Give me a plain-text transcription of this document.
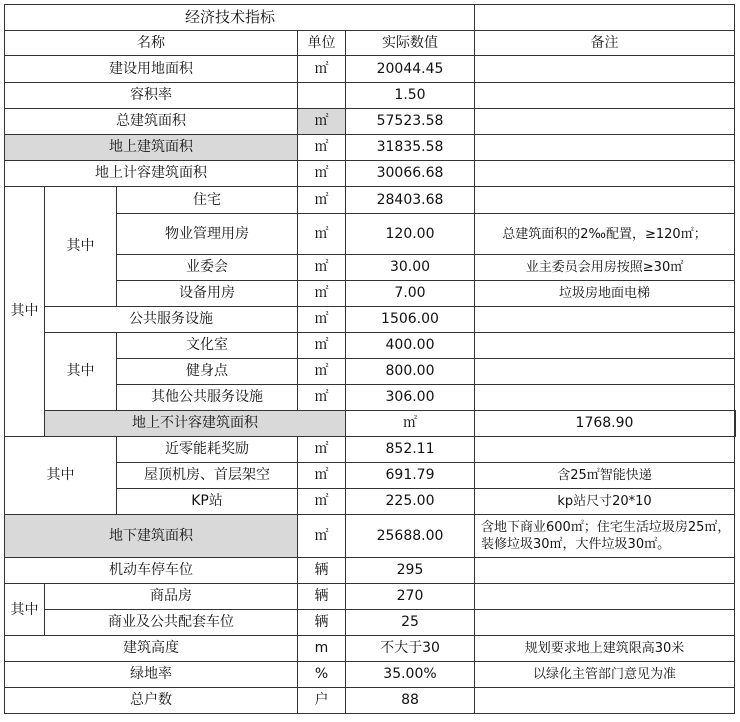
经济技术指标						
名称			单位	实际数值	备注	
建设用地面积			㎡	20044.45		
容积率				1.50		
总建筑面积			㎡	57523.58		
地上建筑面积			㎡	31835.58		
地上计容建筑面积			㎡	30066.68		
其中	其中	住宅	㎡	28403.68		
		物业管理用房	㎡	120.00	总建筑面积的2‰配置，≥120㎡；	
		业委会	㎡	30.00	业主委员会用房按照≥30㎡	
		设备用房	㎡	7.00	垃圾房地面电梯	
	公共服务设施		㎡	1506.00		
	其中	文化室	㎡	400.00		
		健身点	㎡	800.00		
		其他公共服务设施	㎡	306.00		
	地上不计容建筑面积			㎡	1768.90	
其中		近零能耗奖励	㎡	852.11		
		屋顶机房、首层架空	㎡	691.79	含25㎡智能快递	
		KP站	㎡	225.00	kp站尺寸20*10	
地下建筑面积			㎡	25688.00	含地下商业600㎡；住宅生活垃圾房25㎡，装修垃圾30㎡，大件垃圾30㎡。	
机动车停车位			辆	295		
其中	商品房		辆	270		
	商业及公共配套车位		辆	25		
建筑高度			m	不大于30	规划要求地上建筑限高30米	
绿地率			%	35.00%	以绿化主管部门意见为准	
总户数			户	88		
